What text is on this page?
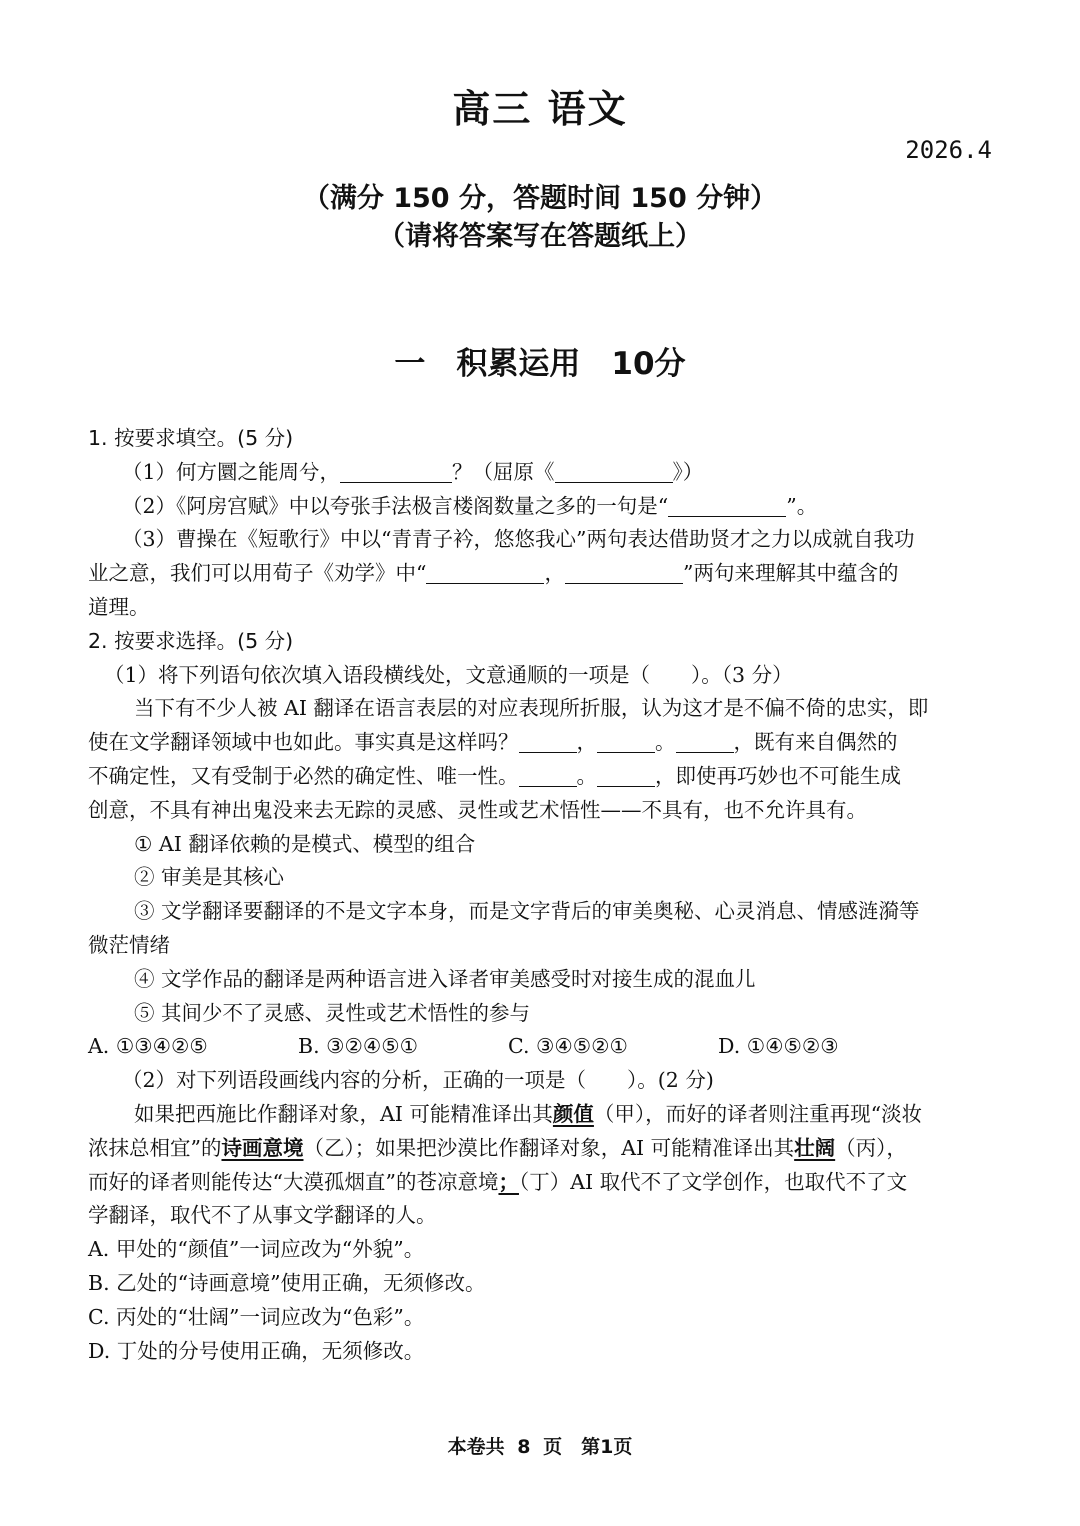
高三 语文
2026.4
（满分 150 分，答题时间 150 分钟）
（请将答案写在答题纸上）
一　积累运用　10分
1. 按要求填空。(5 分)
（1）何方圜之能周兮，	？（屈原《	》）
（2）《阿房宫赋》中以夸张手法极言楼阁数量之多的一句是“	”。
（3）曹操在《短歌行》中以“青青子衿，悠悠我心”两句表达借助贤才之力以成就自我功
业之意，我们可以用荀子《劝学》中“	，	”两句来理解其中蕴含的
道理。
2. 按要求选择。(5 分)
（1）将下列语句依次填入语段横线处，文意通顺的一项是（　　）。（3 分）
当下有不少人被 AI 翻译在语言表层的对应表现所折服，认为这才是不偏不倚的忠实，即
使在文学翻译领域中也如此。事实真是这样吗？	，	。	，既有来自偶然的
不确定性，又有受制于必然的确定性、唯一性。	。	，即使再巧妙也不可能生成
创意，不具有神出鬼没来去无踪的灵感、灵性或艺术悟性——不具有，也不允许具有。
① AI 翻译依赖的是模式、模型的组合
② 审美是其核心
③ 文学翻译要翻译的不是文字本身，而是文字背后的审美奥秘、心灵消息、情感涟漪等
微茫情绪
④ 文学作品的翻译是两种语言进入译者审美感受时对接生成的混血儿
⑤ 其间少不了灵感、灵性或艺术悟性的参与
A. ①③④②⑤	B. ③②④⑤①	C. ③④⑤②①	D. ①④⑤②③
（2）对下列语段画线内容的分析，正确的一项是（　　）。(2 分)
如果把西施比作翻译对象，AI 可能精准译出其颜值（甲），而好的译者则注重再现“淡妆
浓抹总相宜”的诗画意境（乙）；如果把沙漠比作翻译对象，AI 可能精准译出其壮阔（丙），
而好的译者则能传达“大漠孤烟直”的苍凉意境；（丁）AI 取代不了文学创作，也取代不了文
学翻译，取代不了从事文学翻译的人。
A. 甲处的“颜值”一词应改为“外貌”。
B. 乙处的“诗画意境”使用正确，无须修改。
C. 丙处的“壮阔”一词应改为“色彩”。
D. 丁处的分号使用正确，无须修改。
本卷共 8 页　第1页
